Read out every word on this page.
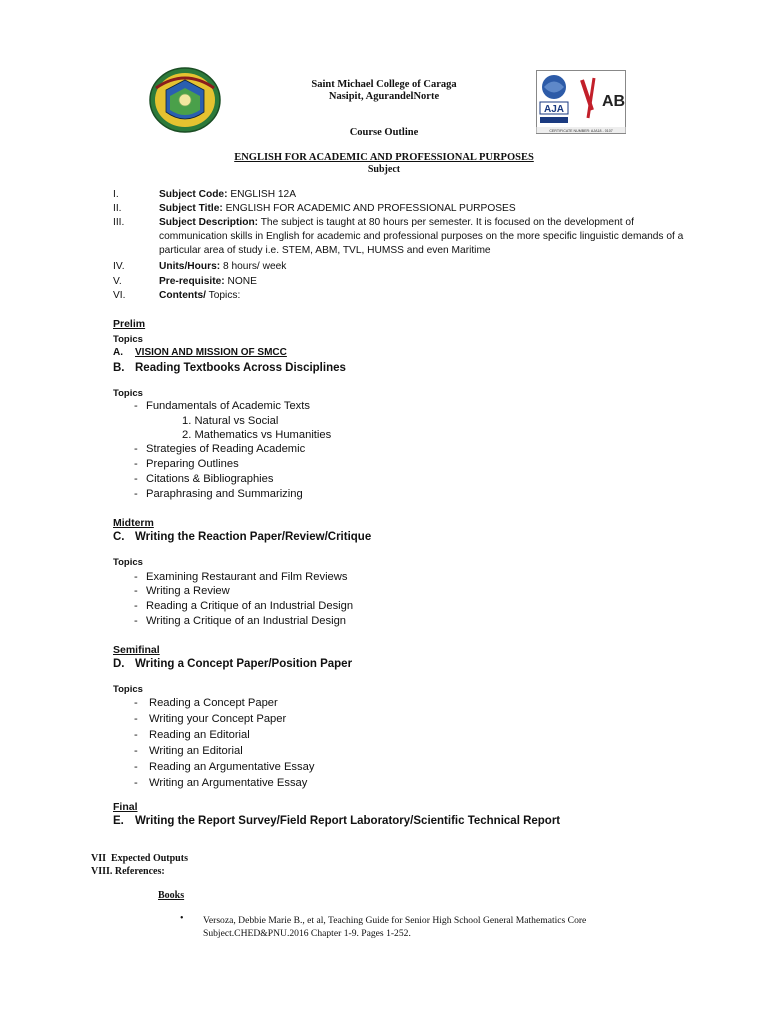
Saint Michael College of Caraga
Nasipit, AgurandelNorte
AJA AB
CERTIFICATE NUMBER: AJA18 - 0107
Course Outline
ENGLISH FOR ACADEMIC AND PROFESSIONAL PURPOSES
Subject
I.	Subject Code: ENGLISH 12A
II.	Subject Title: ENGLISH FOR ACADEMIC AND PROFESSIONAL PURPOSES
III.	Subject Description: The subject is taught at 80 hours per semester. It is focused on the development of communication skills in English for academic and professional purposes on the more specific linguistic demands of a particular area of study i.e. STEM, ABM, TVL, HUMSS and even Maritime
IV.	Units/Hours: 8 hours/ week
V.	Pre-requisite: NONE
VI.	Contents/ Topics:
Prelim
Topics
A. VISION AND MISSION OF SMCC
B. Reading Textbooks Across Disciplines
Topics
- Fundamentals of Academic Texts
1. Natural vs Social
2. Mathematics vs Humanities
- Strategies of Reading Academic
- Preparing Outlines
- Citations & Bibliographies
- Paraphrasing and Summarizing
Midterm
C. Writing the Reaction Paper/Review/Critique
Topics
- Examining Restaurant and Film Reviews
- Writing a Review
- Reading a Critique of an Industrial Design
- Writing a Critique of an Industrial Design
Semifinal
D. Writing a Concept Paper/Position Paper
Topics
- Reading a Concept Paper
- Writing your Concept Paper
- Reading an Editorial
- Writing an Editorial
- Reading an Argumentative Essay
- Writing an Argumentative Essay
Final
E. Writing the Report Survey/Field Report Laboratory/Scientific Technical Report
VII  Expected Outputs
VIII. References:
Books
• Versoza, Debbie Marie B., et al, Teaching Guide for Senior High School General Mathematics Core Subject.CHED&PNU.2016 Chapter 1-9. Pages 1-252.
